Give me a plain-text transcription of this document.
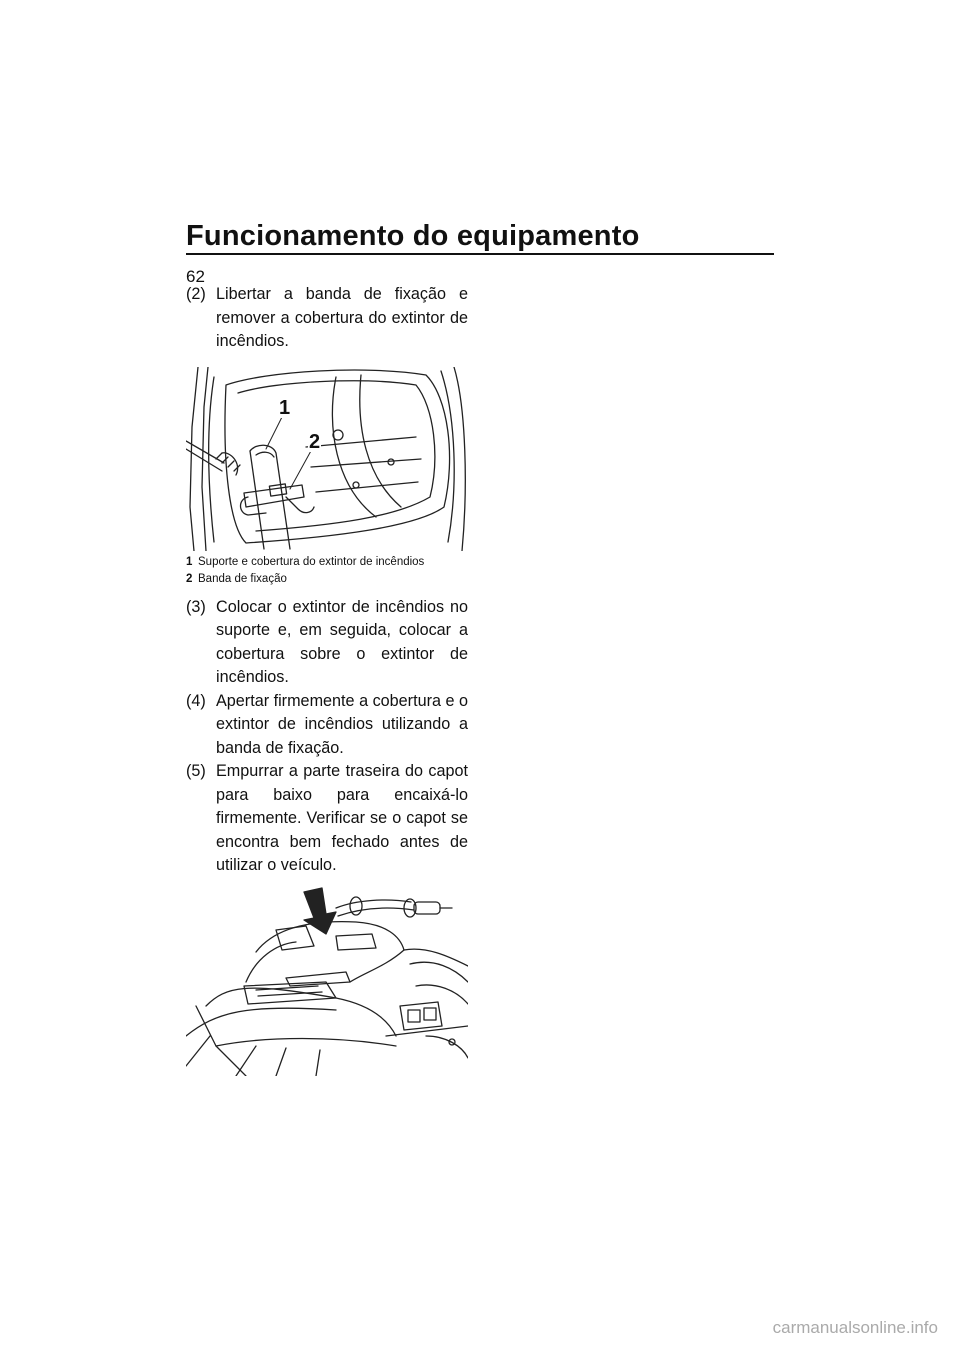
Funcionamento do equipamento
62
(2) Libertar a banda de fixação e remover a cobertura do extintor de incêndios.
1
2
1 Suporte e cobertura do extintor de incêndios
2 Banda de fixação
(3) Colocar o extintor de incêndios no suporte e, em seguida, colocar a cobertura sobre o extintor de incêndios.
(4) Apertar firmemente a cobertura e o extintor de incêndios utilizando a banda de fixação.
(5) Empurrar a parte traseira do capot para baixo para encaixá-lo firmemente. Verificar se o capot se encontra bem fechado antes de utilizar o veículo.
carmanualsonline.info
